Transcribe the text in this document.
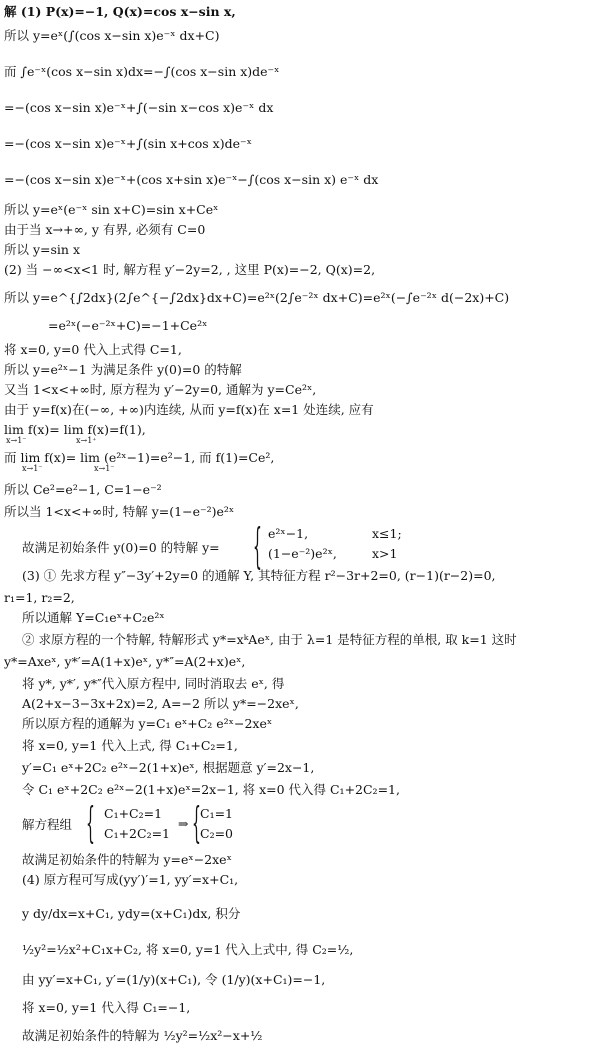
解 (1) P(x)=−1, Q(x)=cos x−sin x,
所以 y=eˣ(∫(cos x−sin x)e⁻ˣ dx+C)
而 ∫e⁻ˣ(cos x−sin x)dx=−∫(cos x−sin x)de⁻ˣ
=−(cos x−sin x)e⁻ˣ+∫(−sin x−cos x)e⁻ˣ dx
=−(cos x−sin x)e⁻ˣ+∫(sin x+cos x)de⁻ˣ
=−(cos x−sin x)e⁻ˣ+(cos x+sin x)e⁻ˣ−∫(cos x−sin x) e⁻ˣ dx
所以 y=eˣ(e⁻ˣ sin x+C)=sin x+Ceˣ
由于当 x→+∞, y 有界, 必须有 C=0
所以 y=sin x
(2) 当 −∞<x<1 时, 解方程 y′−2y=2, , 这里 P(x)=−2, Q(x)=2,
所以 y=e^{∫2dx}(2∫e^{−∫2dx}dx+C)=e²ˣ(2∫e⁻²ˣ dx+C)=e²ˣ(−∫e⁻²ˣ d(−2x)+C)
=e²ˣ(−e⁻²ˣ+C)=−1+Ce²ˣ
将 x=0, y=0 代入上式得 C=1,
所以 y=e²ˣ−1 为满足条件 y(0)=0 的特解
又当 1<x<+∞时, 原方程为 y′−2y=0, 通解为 y=Ce²ˣ,
由于 y=f(x)在(−∞, +∞)内连续, 从而 y=f(x)在 x=1 处连续, 应有
lim f(x)= lim f(x)=f(1),
x→1⁻	x→1⁺
而 lim f(x)= lim (e²ˣ−1)=e²−1, 而 f(1)=Ce²,
x→1⁻	x→1⁻
所以 Ce²=e²−1, C=1−e⁻²
所以当 1<x<+∞时, 特解 y=(1−e⁻²)e²ˣ
故满足初始条件 y(0)=0 的特解 y= { e²ˣ−1,	x≤1;
(1−e⁻²)e²ˣ,	x>1
(3) ① 先求方程 y″−3y′+2y=0 的通解 Y, 其特征方程 r²−3r+2=0, (r−1)(r−2)=0,
r₁=1, r₂=2,
所以通解 Y=C₁eˣ+C₂e²ˣ
② 求原方程的一个特解, 特解形式 y*=xᵏAeˣ, 由于 λ=1 是特征方程的单根, 取 k=1 这时
y*=Axeˣ, y*′=A(1+x)eˣ, y*″=A(2+x)eˣ,
将 y*, y*′, y*″代入原方程中, 同时消取去 eˣ, 得
A(2+x−3−3x+2x)=2, A=−2 所以 y*=−2xeˣ,
所以原方程的通解为 y=C₁ eˣ+C₂ e²ˣ−2xeˣ
将 x=0, y=1 代入上式, 得 C₁+C₂=1,
y′=C₁ eˣ+2C₂ e²ˣ−2(1+x)eˣ, 根据题意 y′=2x−1,
令 C₁ eˣ+2C₂ e²ˣ−2(1+x)eˣ=2x−1, 将 x=0 代入得 C₁+2C₂=1,
解方程组 { C₁+C₂=1
C₁+2C₂=1
⇒ { C₁=1
C₂=0
故满足初始条件的特解为 y=eˣ−2xeˣ
(4) 原方程可写成(yy′)′=1, yy′=x+C₁,
y dy/dx=x+C₁, ydy=(x+C₁)dx, 积分
½y²=½x²+C₁x+C₂, 将 x=0, y=1 代入上式中, 得 C₂=½,
由 yy′=x+C₁, y′=(1/y)(x+C₁), 令 (1/y)(x+C₁)=−1,
将 x=0, y=1 代入得 C₁=−1,
故满足初始条件的特解为 ½y²=½x²−x+½
